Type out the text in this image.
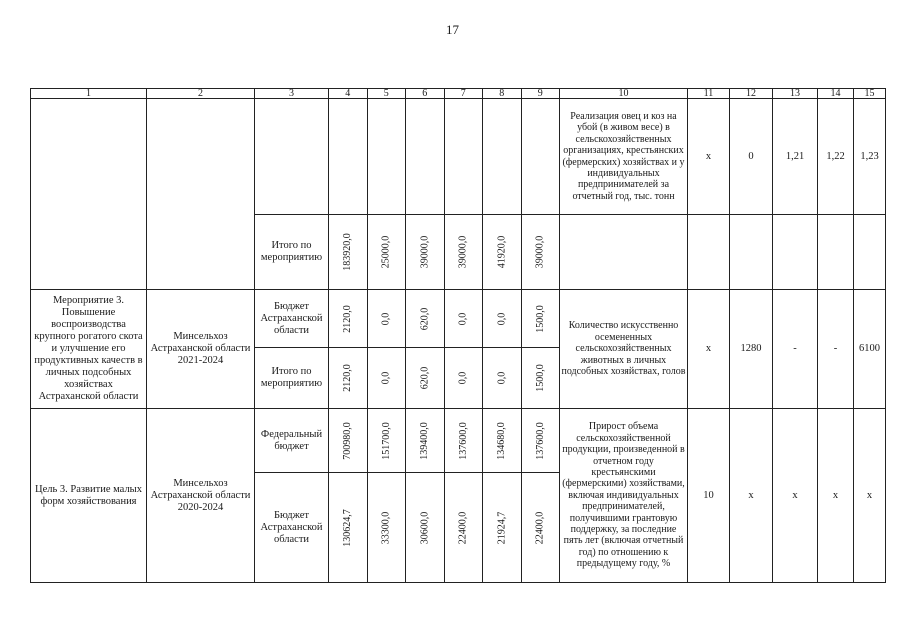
17
1	2	3	4	5	6	7	8	9	10	11	12	13	14	15

									Реализация овец и коз на убой (в живом весе) в сельскохозяйственных организациях, крестьянских (фермерских) хозяйствах и у индивидуальных предпринимателей за отчетный год, тыс. тонн	x	0	1,21	1,22	1,23

		Итого по мероприятию	183920,0	25000,0	39000,0	39000,0	41920,0	39000,0						

Мероприятие 3. Повышение воспроизводства крупного рогатого скота и улучшение его продуктивных качеств в личных подсобных хозяйствах Астраханской области	Минсельхоз Астраханской области 2021-2024	Бюджет Астраханской области	2120,0	0,0	620,0	0,0	0,0	1500,0	Количество искусственно осемененных сельскохозяйственных животных в личных подсобных хозяйствах, голов	x	1280	-	-	6100

		Итого по мероприятию	2120,0	0,0	620,0	0,0	0,0	1500,0						

Цель 3. Развитие малых форм хозяйствования	Минсельхоз Астраханской области 2020-2024	Федеральный бюджет	700980,0	151700,0	139400,0	137600,0	134680,0	137600,0	Прирост объема сельскохозяйственной продукции, произведенной в отчетном году крестьянскими (фермерскими) хозяйствами, включая индивидуальных предпринимателей, получившими грантовую поддержку, за последние пять лет (включая отчетный год) по отношению к предыдущему году, %	10	x	x	x	x

		Бюджет Астраханской области	130624,7	33300,0	30600,0	22400,0	21924,7	22400,0						
